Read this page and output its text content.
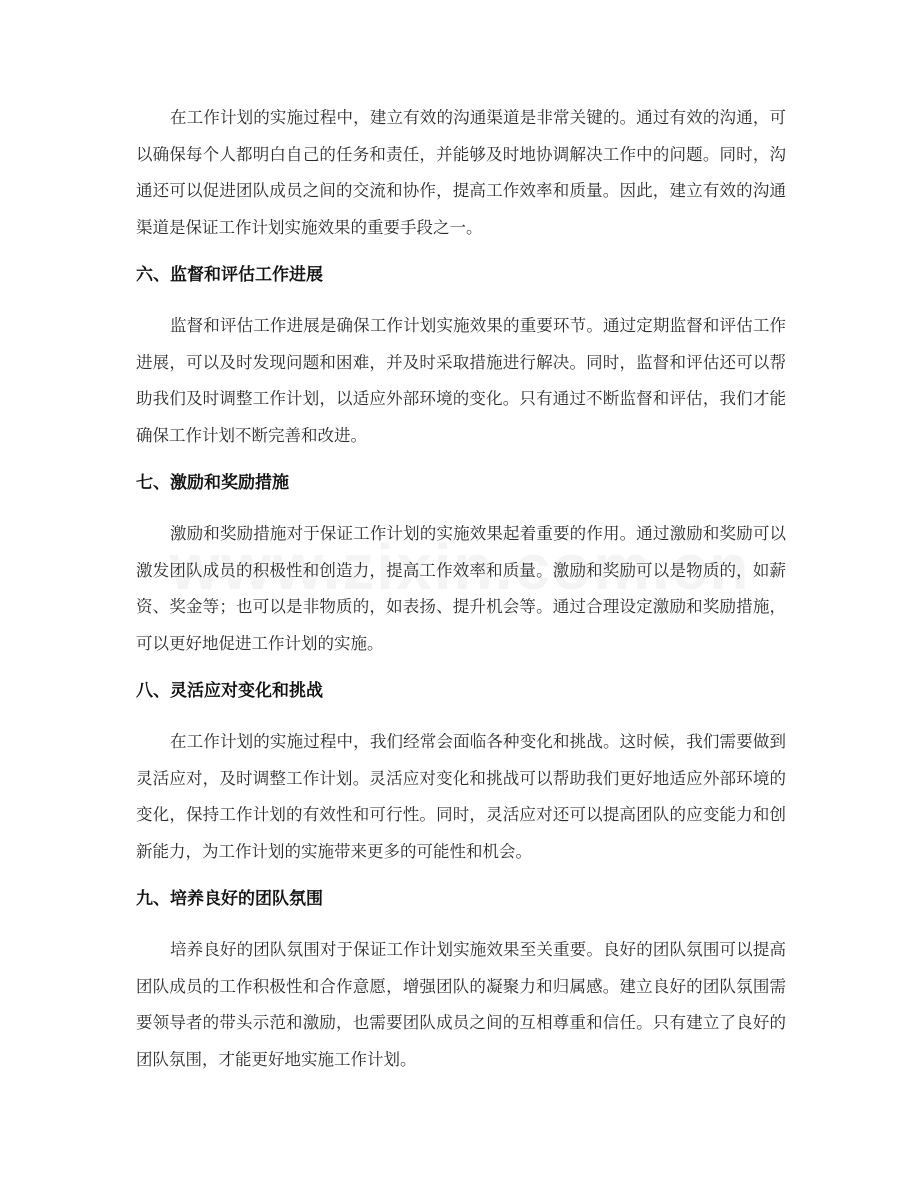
在工作计划的实施过程中，建立有效的沟通渠道是非常关键的。通过有效的沟通，可以确保每个人都明白自己的任务和责任，并能够及时地协调解决工作中的问题。同时，沟通还可以促进团队成员之间的交流和协作，提高工作效率和质量。因此，建立有效的沟通渠道是保证工作计划实施效果的重要手段之一。

六、监督和评估工作进展

监督和评估工作进展是确保工作计划实施效果的重要环节。通过定期监督和评估工作进展，可以及时发现问题和困难，并及时采取措施进行解决。同时，监督和评估还可以帮助我们及时调整工作计划，以适应外部环境的变化。只有通过不断监督和评估，我们才能确保工作计划不断完善和改进。

七、激励和奖励措施

激励和奖励措施对于保证工作计划的实施效果起着重要的作用。通过激励和奖励可以激发团队成员的积极性和创造力，提高工作效率和质量。激励和奖励可以是物质的，如薪资、奖金等；也可以是非物质的，如表扬、提升机会等。通过合理设定激励和奖励措施，可以更好地促进工作计划的实施。

八、灵活应对变化和挑战

在工作计划的实施过程中，我们经常会面临各种变化和挑战。这时候，我们需要做到灵活应对，及时调整工作计划。灵活应对变化和挑战可以帮助我们更好地适应外部环境的变化，保持工作计划的有效性和可行性。同时，灵活应对还可以提高团队的应变能力和创新能力，为工作计划的实施带来更多的可能性和机会。

九、培养良好的团队氛围

培养良好的团队氛围对于保证工作计划实施效果至关重要。良好的团队氛围可以提高团队成员的工作积极性和合作意愿，增强团队的凝聚力和归属感。建立良好的团队氛围需要领导者的带头示范和激励，也需要团队成员之间的互相尊重和信任。只有建立了良好的团队氛围，才能更好地实施工作计划。
